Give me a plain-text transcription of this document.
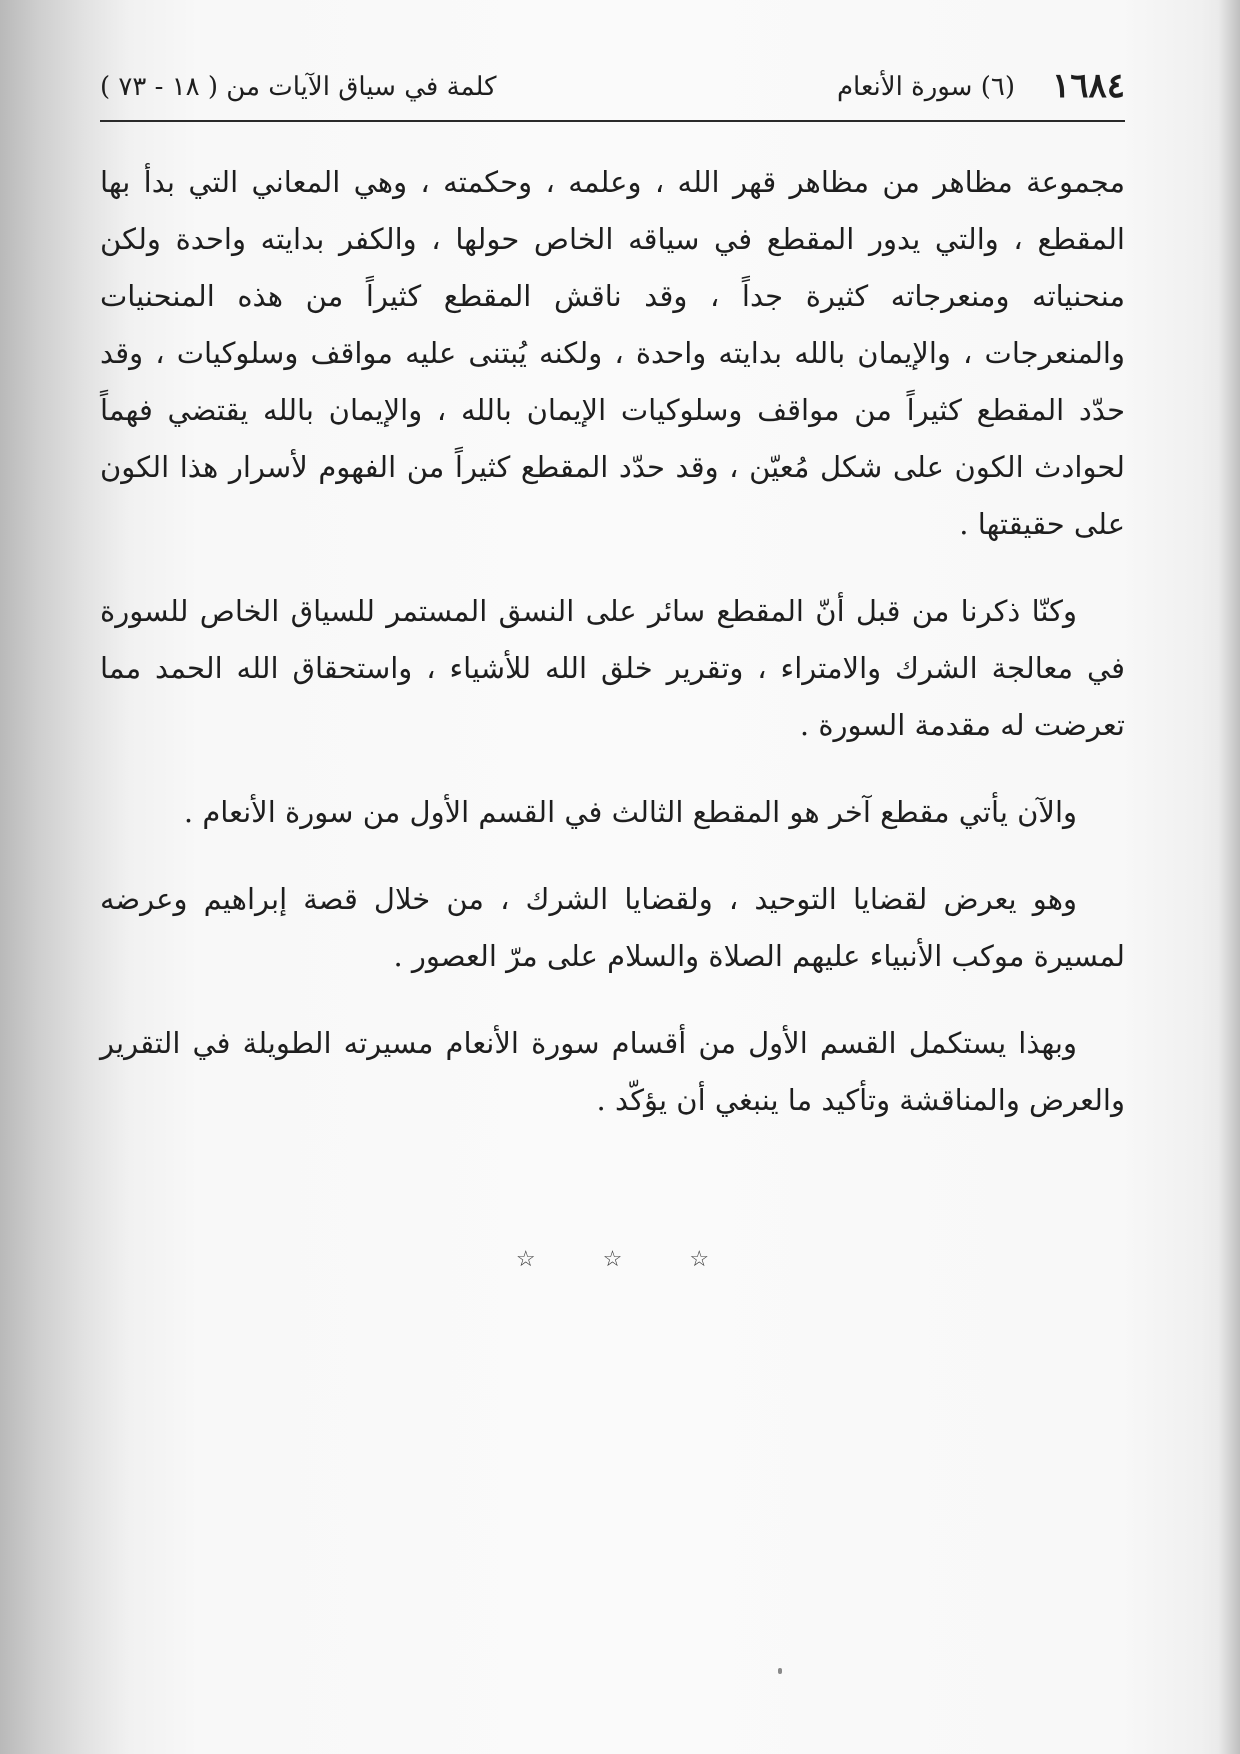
١٦٨٤
(٦) سورة الأنعام
كلمة في سياق الآيات من ( ١٨ - ٧٣ )

مجموعة مظاهر من مظاهر قهر الله ، وعلمه ، وحكمته ، وهي المعاني التي بدأ بها المقطع ، والتي يدور المقطع في سياقه الخاص حولها ، والكفر بدايته واحدة ولكن منحنياته ومنعرجاته كثيرة جداً ، وقد ناقش المقطع كثيراً من هذه المنحنيات والمنعرجات ، والإيمان بالله بدايته واحدة ، ولكنه يُبتنى عليه مواقف وسلوكيات ، وقد حدّد المقطع كثيراً من مواقف وسلوكيات الإيمان بالله ، والإيمان بالله يقتضي فهماً لحوادث الكون على شكل مُعيّن ، وقد حدّد المقطع كثيراً من الفهوم لأسرار هذا الكون على حقيقتها .

وكنّا ذكرنا من قبل أنّ المقطع سائر على النسق المستمر للسياق الخاص للسورة في معالجة الشرك والامتراء ، وتقرير خلق الله للأشياء ، واستحقاق الله الحمد مما تعرضت له مقدمة السورة .

والآن يأتي مقطع آخر هو المقطع الثالث في القسم الأول من سورة الأنعام .

وهو يعرض لقضايا التوحيد ، ولقضايا الشرك ، من خلال قصة إبراهيم وعرضه لمسيرة موكب الأنبياء عليهم الصلاة والسلام على مرّ العصور .

وبهذا يستكمل القسم الأول من أقسام سورة الأنعام مسيرته الطويلة في التقرير والعرض والمناقشة وتأكيد ما ينبغي أن يؤكّد .

☆	☆	☆
